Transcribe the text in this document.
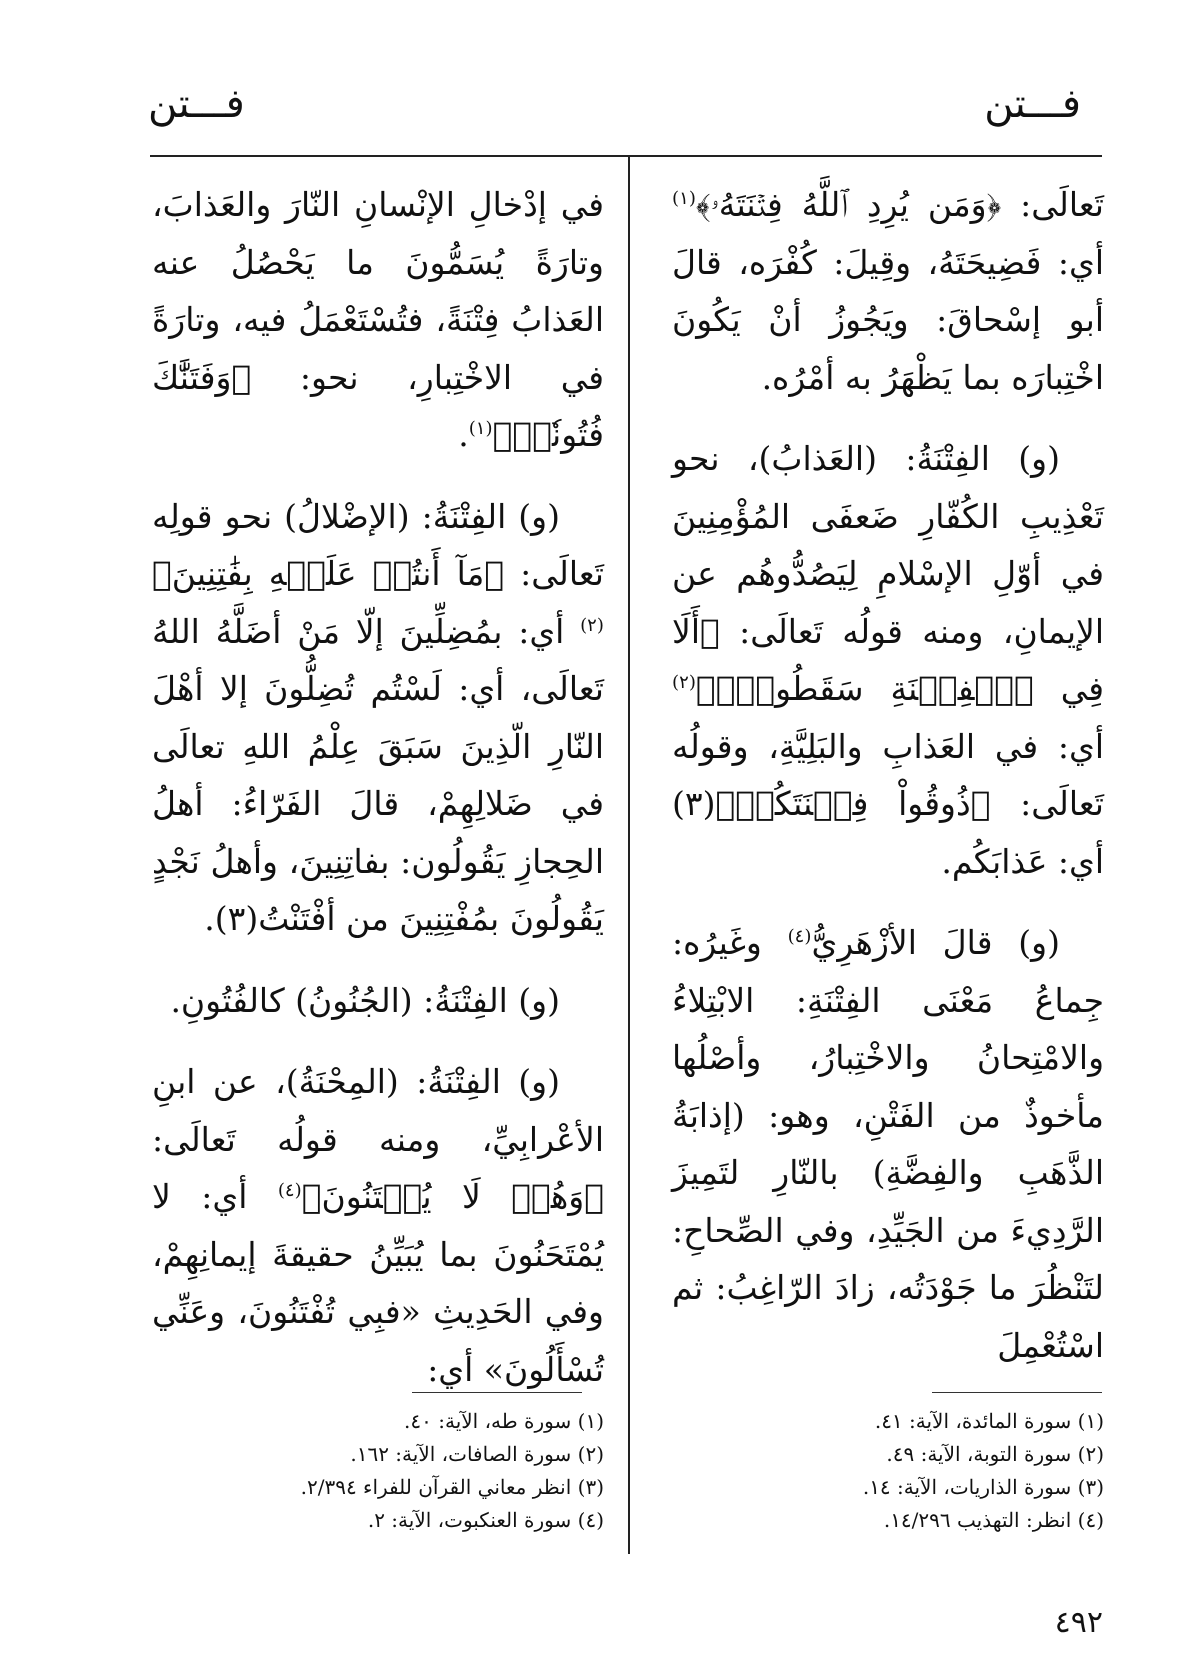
فـــتن
فـــتن

تَعالَى: ﴿وَمَن يُرِدِ ٱللَّهُ فِتۡنَتَهُۥ﴾$^{(١)}$ أي: فَضِيحَتَهُ، وقِيلَ: كُفْرَه، قالَ أبو إسْحاقَ: ويَجُوزُ أنْ يَكُونَ اخْتِبارَه بما يَظْهَرُ به أمْرُه.

(و) الفِتْنَةُ: (العَذابُ)، نحو تَعْذِيبِ الكُفّارِ ضَعفَى المُؤْمِنِينَ في أوّلِ الإسْلامِ لِيَصُدُّوهُم عن الإيمانِ، ومنه قولُه تَعالَى: ﴿أَلَا فِي ٱلۡفِتۡنَةِ سَقَطُواْۗ﴾$^{(٢)}$ أي: في العَذابِ والبَلِيَّةِ، وقولُه تَعالَى: ﴿ذُوقُواْ فِتۡنَتَكُمۡ﴾(٣) أي: عَذابَكُم.

(و) قالَ الأزْهَرِيُّ$^{(٤)}$ وغَيرُه: جِماعُ مَعْنَى الفِتْنَةِ: الابْتِلاءُ والامْتِحانُ والاخْتِبارُ، وأصْلُها مأخوذٌ من الفَتْنِ، وهو: (إذابَةُ الذَّهَبِ والفِضَّةِ) بالنّارِ لتَمِيزَ الرَّدِيءَ من الجَيِّدِ، وفي الصِّحاحِ: لتَنْظُرَ ما جَوْدَتُه، زادَ الرّاغِبُ: ثم اسْتُعْمِلَ

في إدْخالِ الإنْسانِ النّارَ والعَذابَ، وتارَةً يُسَمُّونَ ما يَحْصُلُ عنه العَذابُ فِتْنَةً، فتُسْتَعْمَلُ فيه، وتارَةً في الاخْتِبارِ، نحو: ﴿وَفَتَنَّٰكَ فُتُونٗاۚ﴾$^{(١)}$.

(و) الفِتْنَةُ: (الإضْلالُ) نحو قولِه تَعالَى: ﴿مَآ أَنتُمۡ عَلَيۡهِ بِفَٰتِنِينَ﴾$^{(٢)}$ أي: بمُضِلِّينَ إلّا مَنْ أضَلَّهُ اللهُ تَعالَى، أي: لَسْتُم تُضِلُّونَ إلا أهْلَ النّارِ الّذِينَ سَبَقَ عِلْمُ اللهِ تعالَى في ضَلالِهِمْ، قالَ الفَرّاءُ: أهلُ الحِجازِ يَقُولُون: بفاتِنِينَ، وأهلُ نَجْدٍ يَقُولُونَ بمُفْتِنِينَ من أفْتَنْتُ(٣).

(و) الفِتْنَةُ: (الجُنُونُ) كالفُتُونِ.

(و) الفِتْنَةُ: (المِحْنَةُ)، عن ابنِ الأعْرابِيِّ، ومنه قولُه تَعالَى: ﴿وَهُمۡ لَا يُفۡتَنُونَ﴾$^{(٤)}$ أي: لا يُمْتَحَنُونَ بما يُبَيِّنُ حقيقةَ إيمانِهِمْ، وفي الحَدِيثِ «فبِي تُفْتَنُونَ، وعَنِّي تُسْأَلُونَ» أي:

(١) سورة المائدة، الآية: ٤١.
(٢) سورة التوبة، الآية: ٤٩.
(٣) سورة الذاريات، الآية: ١٤.
(٤) انظر: التهذيب ١٤/٢٩٦.
(١) سورة طه، الآية: ٤٠.
(٢) سورة الصافات، الآية: ١٦٢.
(٣) انظر معاني القرآن للفراء ٢/٣٩٤.
(٤) سورة العنكبوت، الآية: ٢.
٤٩٢
